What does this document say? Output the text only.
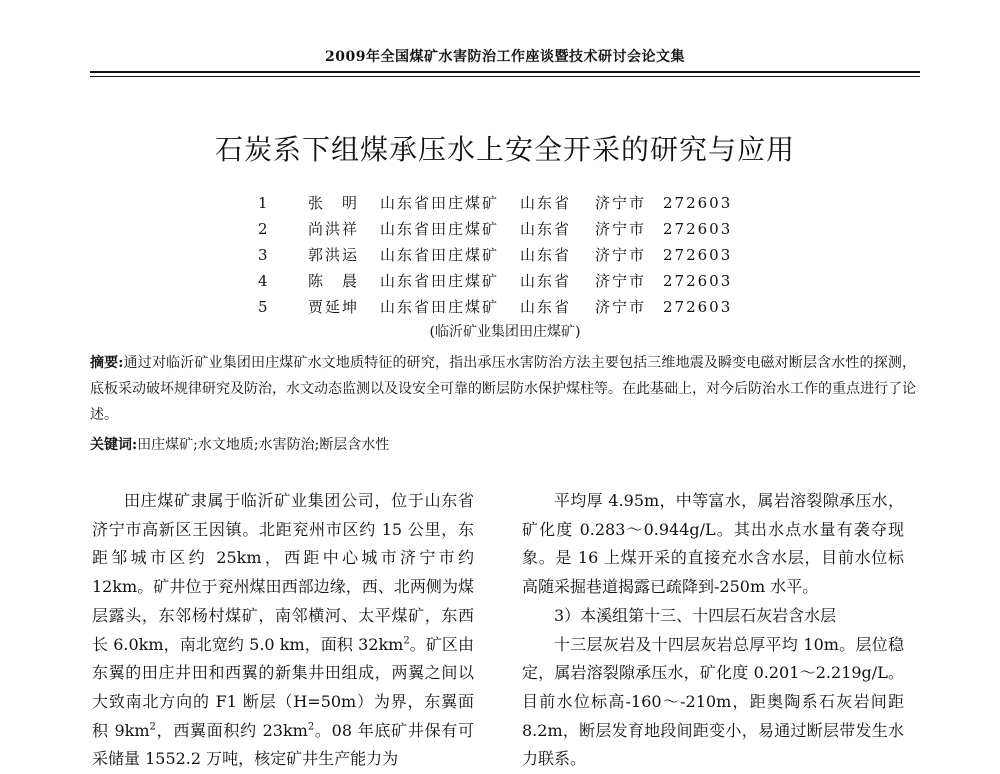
2009年全国煤矿水害防治工作座谈暨技术研讨会论文集
石炭系下组煤承压水上安全开采的研究与应用
1	张　明 山东省田庄煤矿 山东省 济宁市 272603
2	尚洪祥 山东省田庄煤矿 山东省 济宁市 272603
3	郭洪运 山东省田庄煤矿 山东省 济宁市 272603
4	陈　晨 山东省田庄煤矿 山东省 济宁市 272603
5	贾延坤 山东省田庄煤矿 山东省 济宁市 272603
(临沂矿业集团田庄煤矿)
摘要:通过对临沂矿业集团田庄煤矿水文地质特征的研究，指出承压水害防治方法主要包括三维地震及瞬变电磁对断层含水性的探测，底板采动破坏规律研究及防治，水文动态监测以及设安全可靠的断层防水保护煤柱等。在此基础上，对今后防治水工作的重点进行了论述。
关键词:田庄煤矿;水文地质;水害防治;断层含水性

田庄煤矿隶属于临沂矿业集团公司，位于山东省济宁市高新区王因镇。北距兖州市区约 15 公里，东距邹城市区约 25km，西距中心城市济宁市约 12km。矿井位于兖州煤田西部边缘，西、北两侧为煤层露头，东邻杨村煤矿，南邻横河、太平煤矿，东西长 6.0km，南北宽约 5.0 km，面积 $32km^2$。矿区由东翼的田庄井田和西翼的新集井田组成，两翼之间以大致南北方向的 F1 断层（H=50m）为界，东翼面积 $9km^2$，西翼面积约 $23km^2$。08 年底矿井保有可采储量 1552.2 万吨，核定矿井生产能力为

平均厚 4.95m，中等富水，属岩溶裂隙承压水，矿化度 0.283～0.944g/L。其出水点水量有袭夺现象。是 16 上煤开采的直接充水含水层，目前水位标高随采掘巷道揭露已疏降到-250m 水平。

3）本溪组第十三、十四层石灰岩含水层

十三层灰岩及十四层灰岩总厚平均 10m。层位稳定，属岩溶裂隙承压水，矿化度 0.201～2.219g/L。目前水位标高-160～-210m，距奥陶系石灰岩间距 8.2m，断层发育地段间距变小，易通过断层带发生水力联系。
